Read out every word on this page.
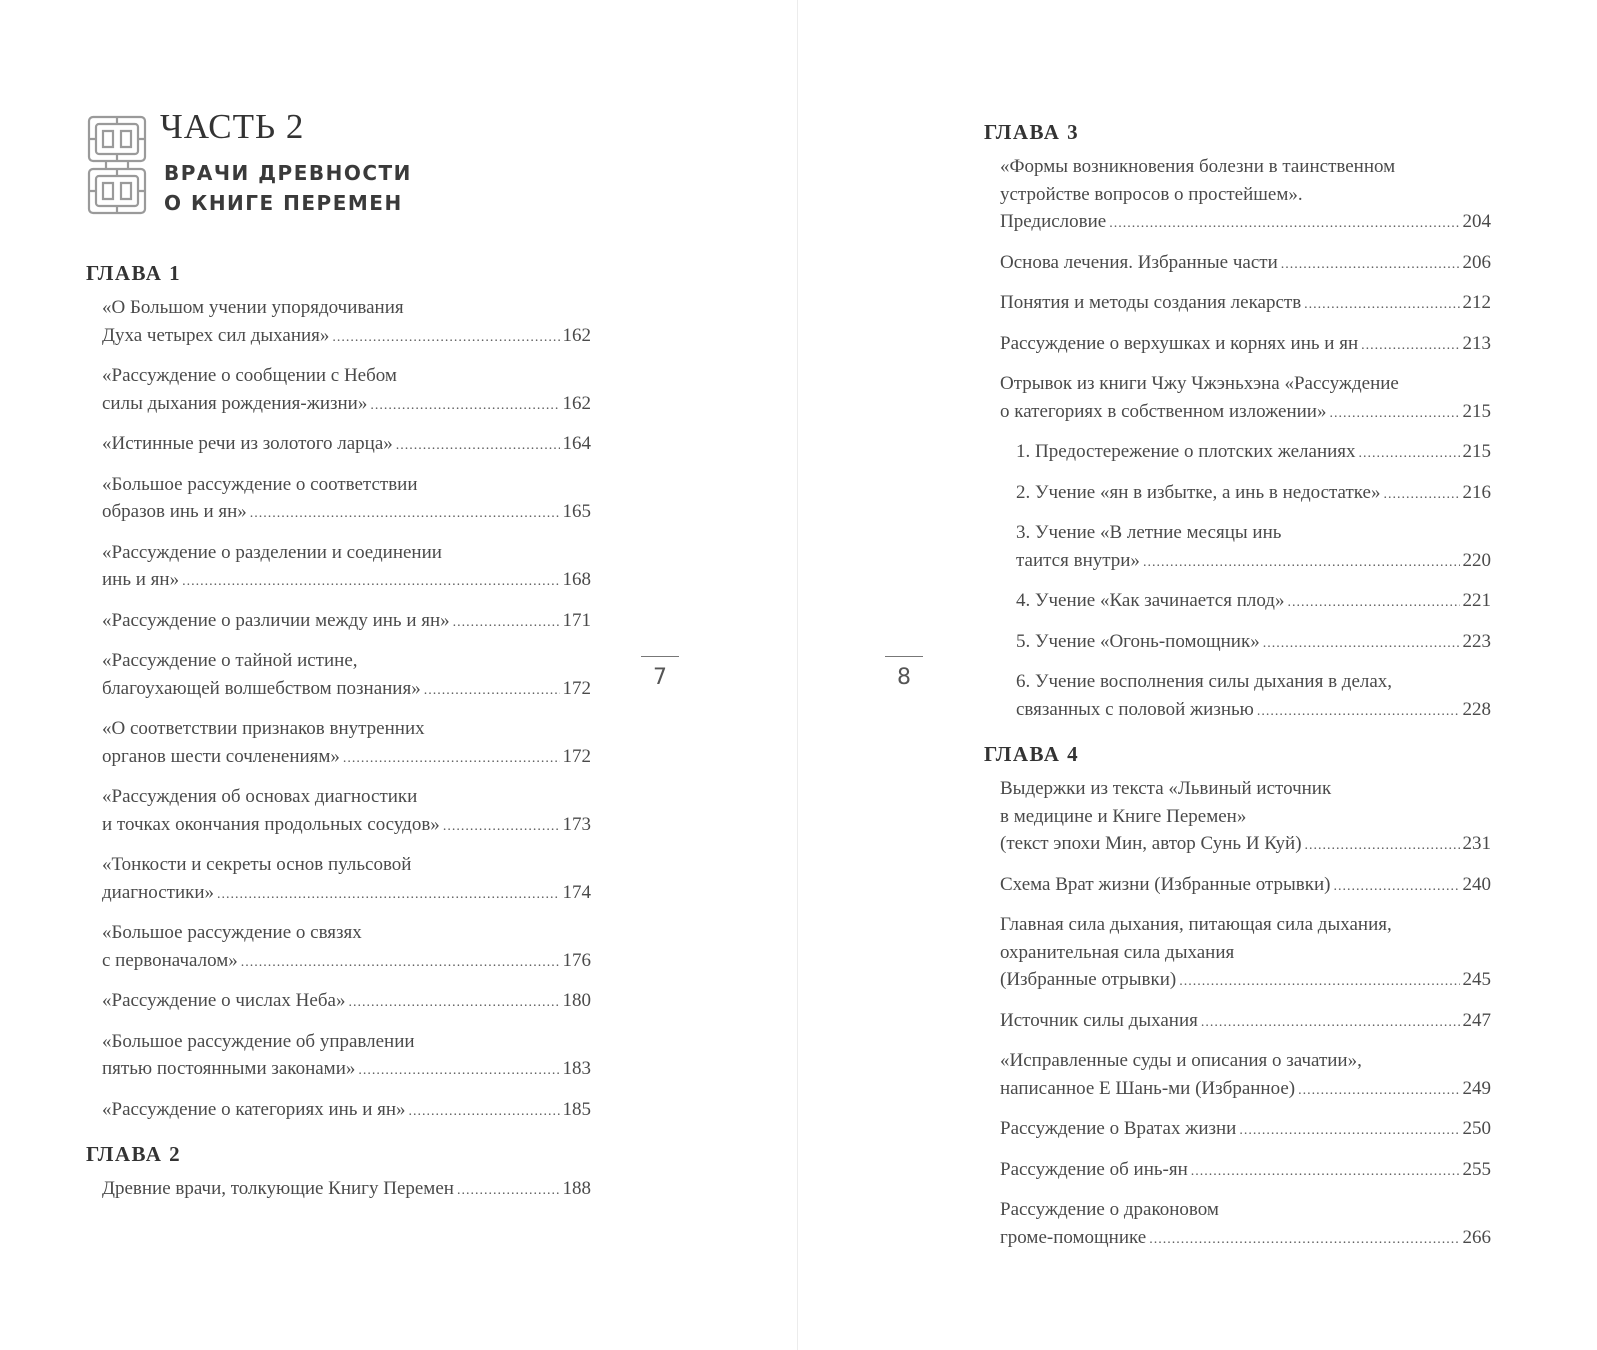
ЧАСТЬ 2
ВРАЧИ ДРЕВНОСТИ
О КНИГЕ ПЕРЕМЕН
ГЛАВА 1
«О Большом учении упорядочивания
Духа четырех сил дыхания» .....	162
«Рассуждение о сообщении с Небом
силы дыхания рождения-жизни» .....	162
«Истинные речи из золотого ларца» .....	164
«Большое рассуждение о соответствии
образов инь и ян» .....	165
«Рассуждение о разделении и соединении
инь и ян» .....	168
«Рассуждение о различии между инь и ян» .....	171
«Рассуждение о тайной истине,
благоухающей волшебством познания» .....	172
«О соответствии признаков внутренних
органов шести сочленениям» .....	172
«Рассуждения об основах диагностики
и точках окончания продольных сосудов» .....	173
«Тонкости и секреты основ пульсовой
диагностики» .....	174
«Большое рассуждение о связях
с первоначалом» .....	176
«Рассуждение о числах Неба» .....	180
«Большое рассуждение об управлении
пятью постоянными законами» .....	183
«Рассуждение о категориях инь и ян» .....	185
ГЛАВА 2
Древние врачи, толкующие Книгу Перемен .....	188
7	8
ГЛАВА 3
«Формы возникновения болезни в таинственном
устройстве вопросов о простейшем».
Предисловие .....	204
Основа лечения. Избранные части .....	206
Понятия и методы создания лекарств .....	212
Рассуждение о верхушках и корнях инь и ян .....	213
Отрывок из книги Чжу Чжэньхэна «Рассуждение
о категориях в собственном изложении» .....	215
1. Предостережение о плотских желаниях .....	215
2. Учение «ян в избытке, а инь в недостатке» .....	216
3. Учение «В летние месяцы инь
таится внутри» .....	220
4. Учение «Как зачинается плод» .....	221
5. Учение «Огонь-помощник» .....	223
6. Учение восполнения силы дыхания в делах,
связанных с половой жизнью .....	228
ГЛАВА 4
Выдержки из текста «Львиный источник
в медицине и Книге Перемен»
(текст эпохи Мин, автор Сунь И Куй) .....	231
Схема Врат жизни (Избранные отрывки) .....	240
Главная сила дыхания, питающая сила дыхания,
охранительная сила дыхания
(Избранные отрывки) .....	245
Источник силы дыхания .....	247
«Исправленные суды и описания о зачатии»,
написанное Е Шань-ми (Избранное) .....	249
Рассуждение о Вратах жизни .....	250
Рассуждение об инь-ян .....	255
Рассуждение о драконовом
громе-помощнике .....	266
